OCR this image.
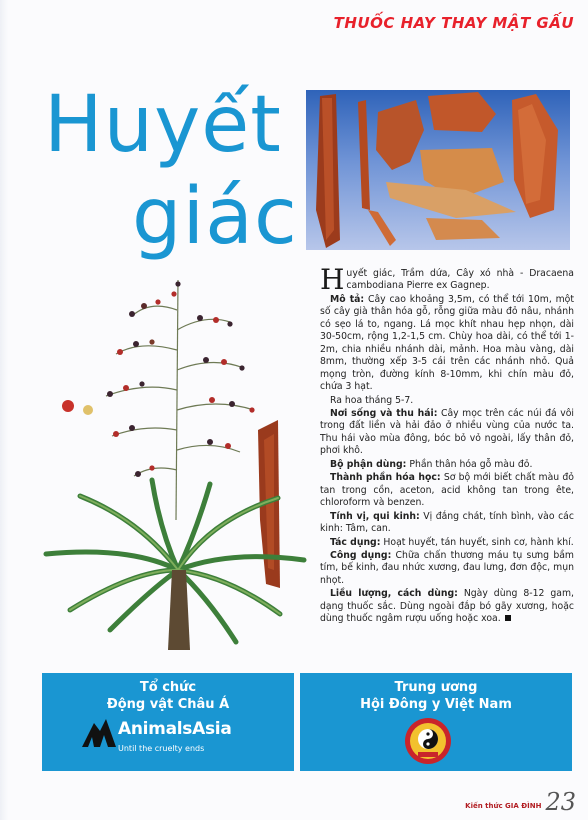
THUỐC HAY THAY MẬT GẤU
Huyết
giác

Huyết giác, Trầm dứa, Cây xó nhà - Dracaena cambodiana Pierre ex Gagnep.

Mô tả: Cây cao khoảng 3,5m, có thể tới 10m, một số cây già thân hóa gỗ, rỗng giữa màu đỏ nâu, nhánh có sẹo lá to, ngang. Lá mọc khít nhau hẹp nhọn, dài 30-50cm, rộng 1,2-1,5 cm. Chùy hoa dài, có thể tới 1- 2m, chia nhiều nhánh dài, mảnh. Hoa màu vàng, dài 8mm, thường xếp 3-5 cái trên các nhánh nhỏ. Quả mọng tròn, đường kính 8-10mm, khi chín màu đỏ, chứa 3 hạt.

Ra hoa tháng 5-7.

Nơi sống và thu hái: Cây mọc trên các núi đá vôi trong đất liền và hải đảo ở nhiều vùng của nước ta. Thu hái vào mùa đông, bóc bỏ vỏ ngoài, lấy thân đỏ, phơi khô.

Bộ phận dùng: Phần thân hóa gỗ màu đỏ.

Thành phần hóa học: Sơ bộ mới biết chất màu đỏ tan trong cồn, aceton, acid không tan trong ête, chloroform và benzen.

Tính vị, qui kinh: Vị đắng chát, tính bình, vào các kinh: Tâm, can.

Tác dụng: Hoạt huyết, tán huyết, sinh cơ, hành khí.

Công dụng: Chữa chấn thương máu tụ sưng bầm tím, bế kinh, đau nhức xương, đau lưng, đơn độc, mụn nhọt.

Liều lượng, cách dùng: Ngày dùng 8-12 gam, dạng thuốc sắc. Dùng ngoài đắp bó gãy xương, hoặc dùng thuốc ngâm rượu uống hoặc xoa.

Tổ chức
Động vật Châu Á
AnimalsAsia
Until the cruelty ends
Trung ương
Hội Đông y Việt Nam
Kiến thức GIA ĐÌNH 23
